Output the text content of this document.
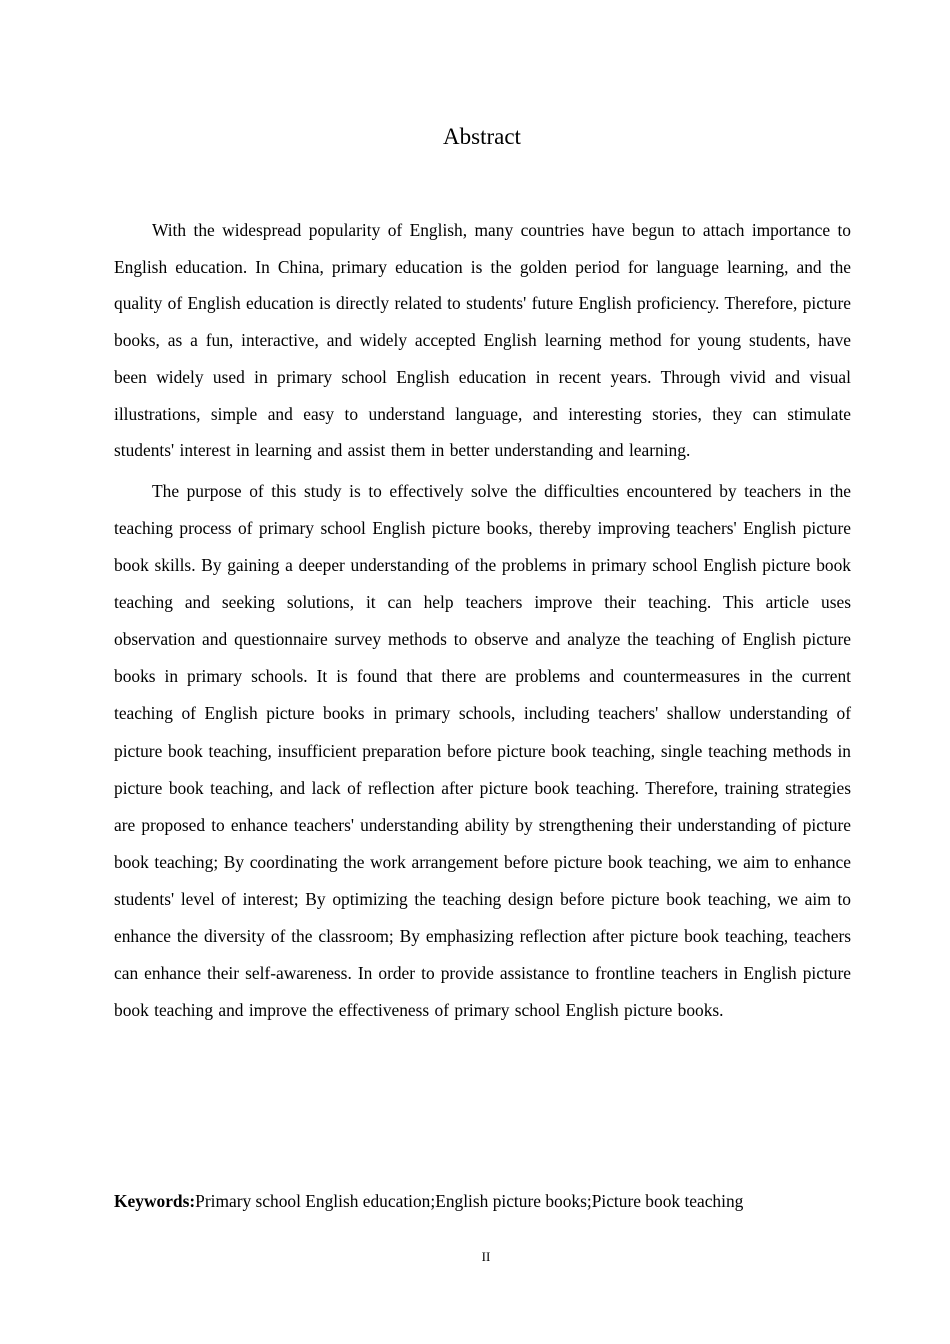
Abstract

With the widespread popularity of English, many countries have begun to attach importance to English education. In China, primary education is the golden period for language learning, and the quality of English education is directly related to students' future English proficiency. Therefore, picture books, as a fun, interactive, and widely accepted English learning method for young students, have been widely used in primary school English education in recent years. Through vivid and visual illustrations, simple and easy to understand language, and interesting stories, they can stimulate students' interest in learning and assist them in better understanding and learning.

The purpose of this study is to effectively solve the difficulties encountered by teachers in the teaching process of primary school English picture books, thereby improving teachers' English picture book skills. By gaining a deeper understanding of the problems in primary school English picture book teaching and seeking solutions, it can help teachers improve their teaching. This article uses observation and questionnaire survey methods to observe and analyze the teaching of English picture books in primary schools. It is found that there are problems and countermeasures in the current teaching of English picture books in primary schools, including teachers' shallow understanding of picture book teaching, insufficient preparation before picture book teaching, single teaching methods in picture book teaching, and lack of reflection after picture book teaching. Therefore, training strategies are proposed to enhance teachers' understanding ability by strengthening their understanding of picture book teaching; By coordinating the work arrangement before picture book teaching, we aim to enhance students' level of interest; By optimizing the teaching design before picture book teaching, we aim to enhance the diversity of the classroom; By emphasizing reflection after picture book teaching, teachers can enhance their self-awareness. In order to provide assistance to frontline teachers in English picture book teaching and improve the effectiveness of primary school English picture books.

Keywords:Primary school English education;English picture books;Picture book teaching

II
